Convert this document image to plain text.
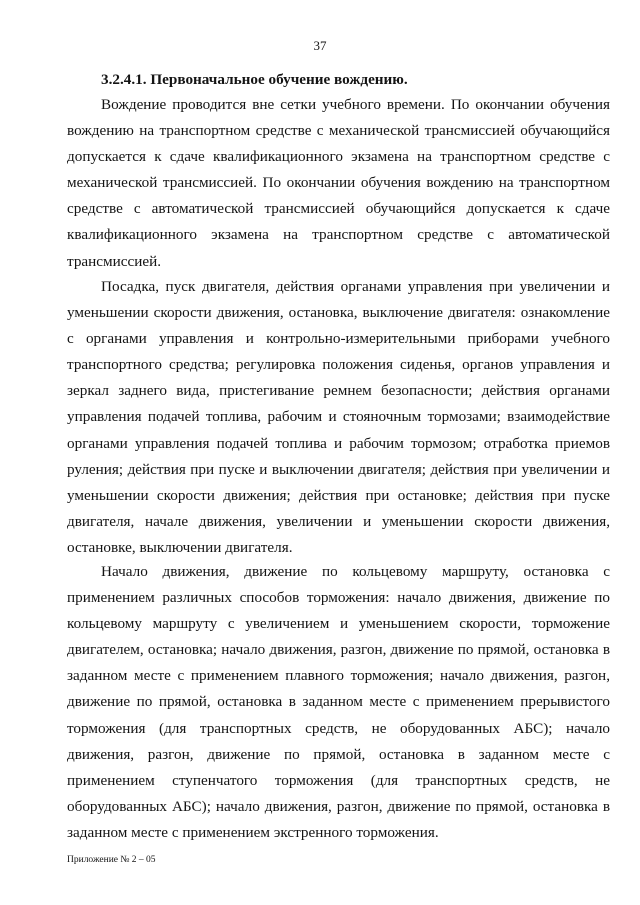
37
3.2.4.1. Первоначальное обучение вождению.

Вождение проводится вне сетки учебного времени. По окончании обучения вождению на транспортном средстве с механической трансмиссией обучающийся допускается к сдаче квалификационного экзамена на транспортном средстве с механической трансмиссией. По окончании обучения вождению на транспортном средстве с автоматической трансмиссией обучающийся допускается к сдаче квалификационного экзамена на транспортном средстве с автоматической трансмиссией.

Посадка, пуск двигателя, действия органами управления при увеличении и уменьшении скорости движения, остановка, выключение двигателя: ознакомление с органами управления и контрольно-измерительными приборами учебного транспортного средства; регулировка положения сиденья, органов управления и зеркал заднего вида, пристегивание ремнем безопасности; действия органами управления подачей топлива, рабочим и стояночным тормозами; взаимодействие органами управления подачей топлива и рабочим тормозом; отработка приемов руления; действия при пуске и выключении двигателя; действия при увеличении и уменьшении скорости движения; действия при остановке; действия при пуске двигателя, начале движения, увеличении и уменьшении скорости движения, остановке, выключении двигателя.

Начало движения, движение по кольцевому маршруту, остановка с применением различных способов торможения: начало движения, движение по кольцевому маршруту с увеличением и уменьшением скорости, торможение двигателем, остановка; начало движения, разгон, движение по прямой, остановка в заданном месте с применением плавного торможения; начало движения, разгон, движение по прямой, остановка в заданном месте с применением прерывистого торможения (для транспортных средств, не оборудованных АБС); начало движения, разгон, движение по прямой, остановка в заданном месте с применением ступенчатого торможения (для транспортных средств, не оборудованных АБС); начало движения, разгон, движение по прямой, остановка в заданном месте с применением экстренного торможения.

Приложение № 2 – 05
